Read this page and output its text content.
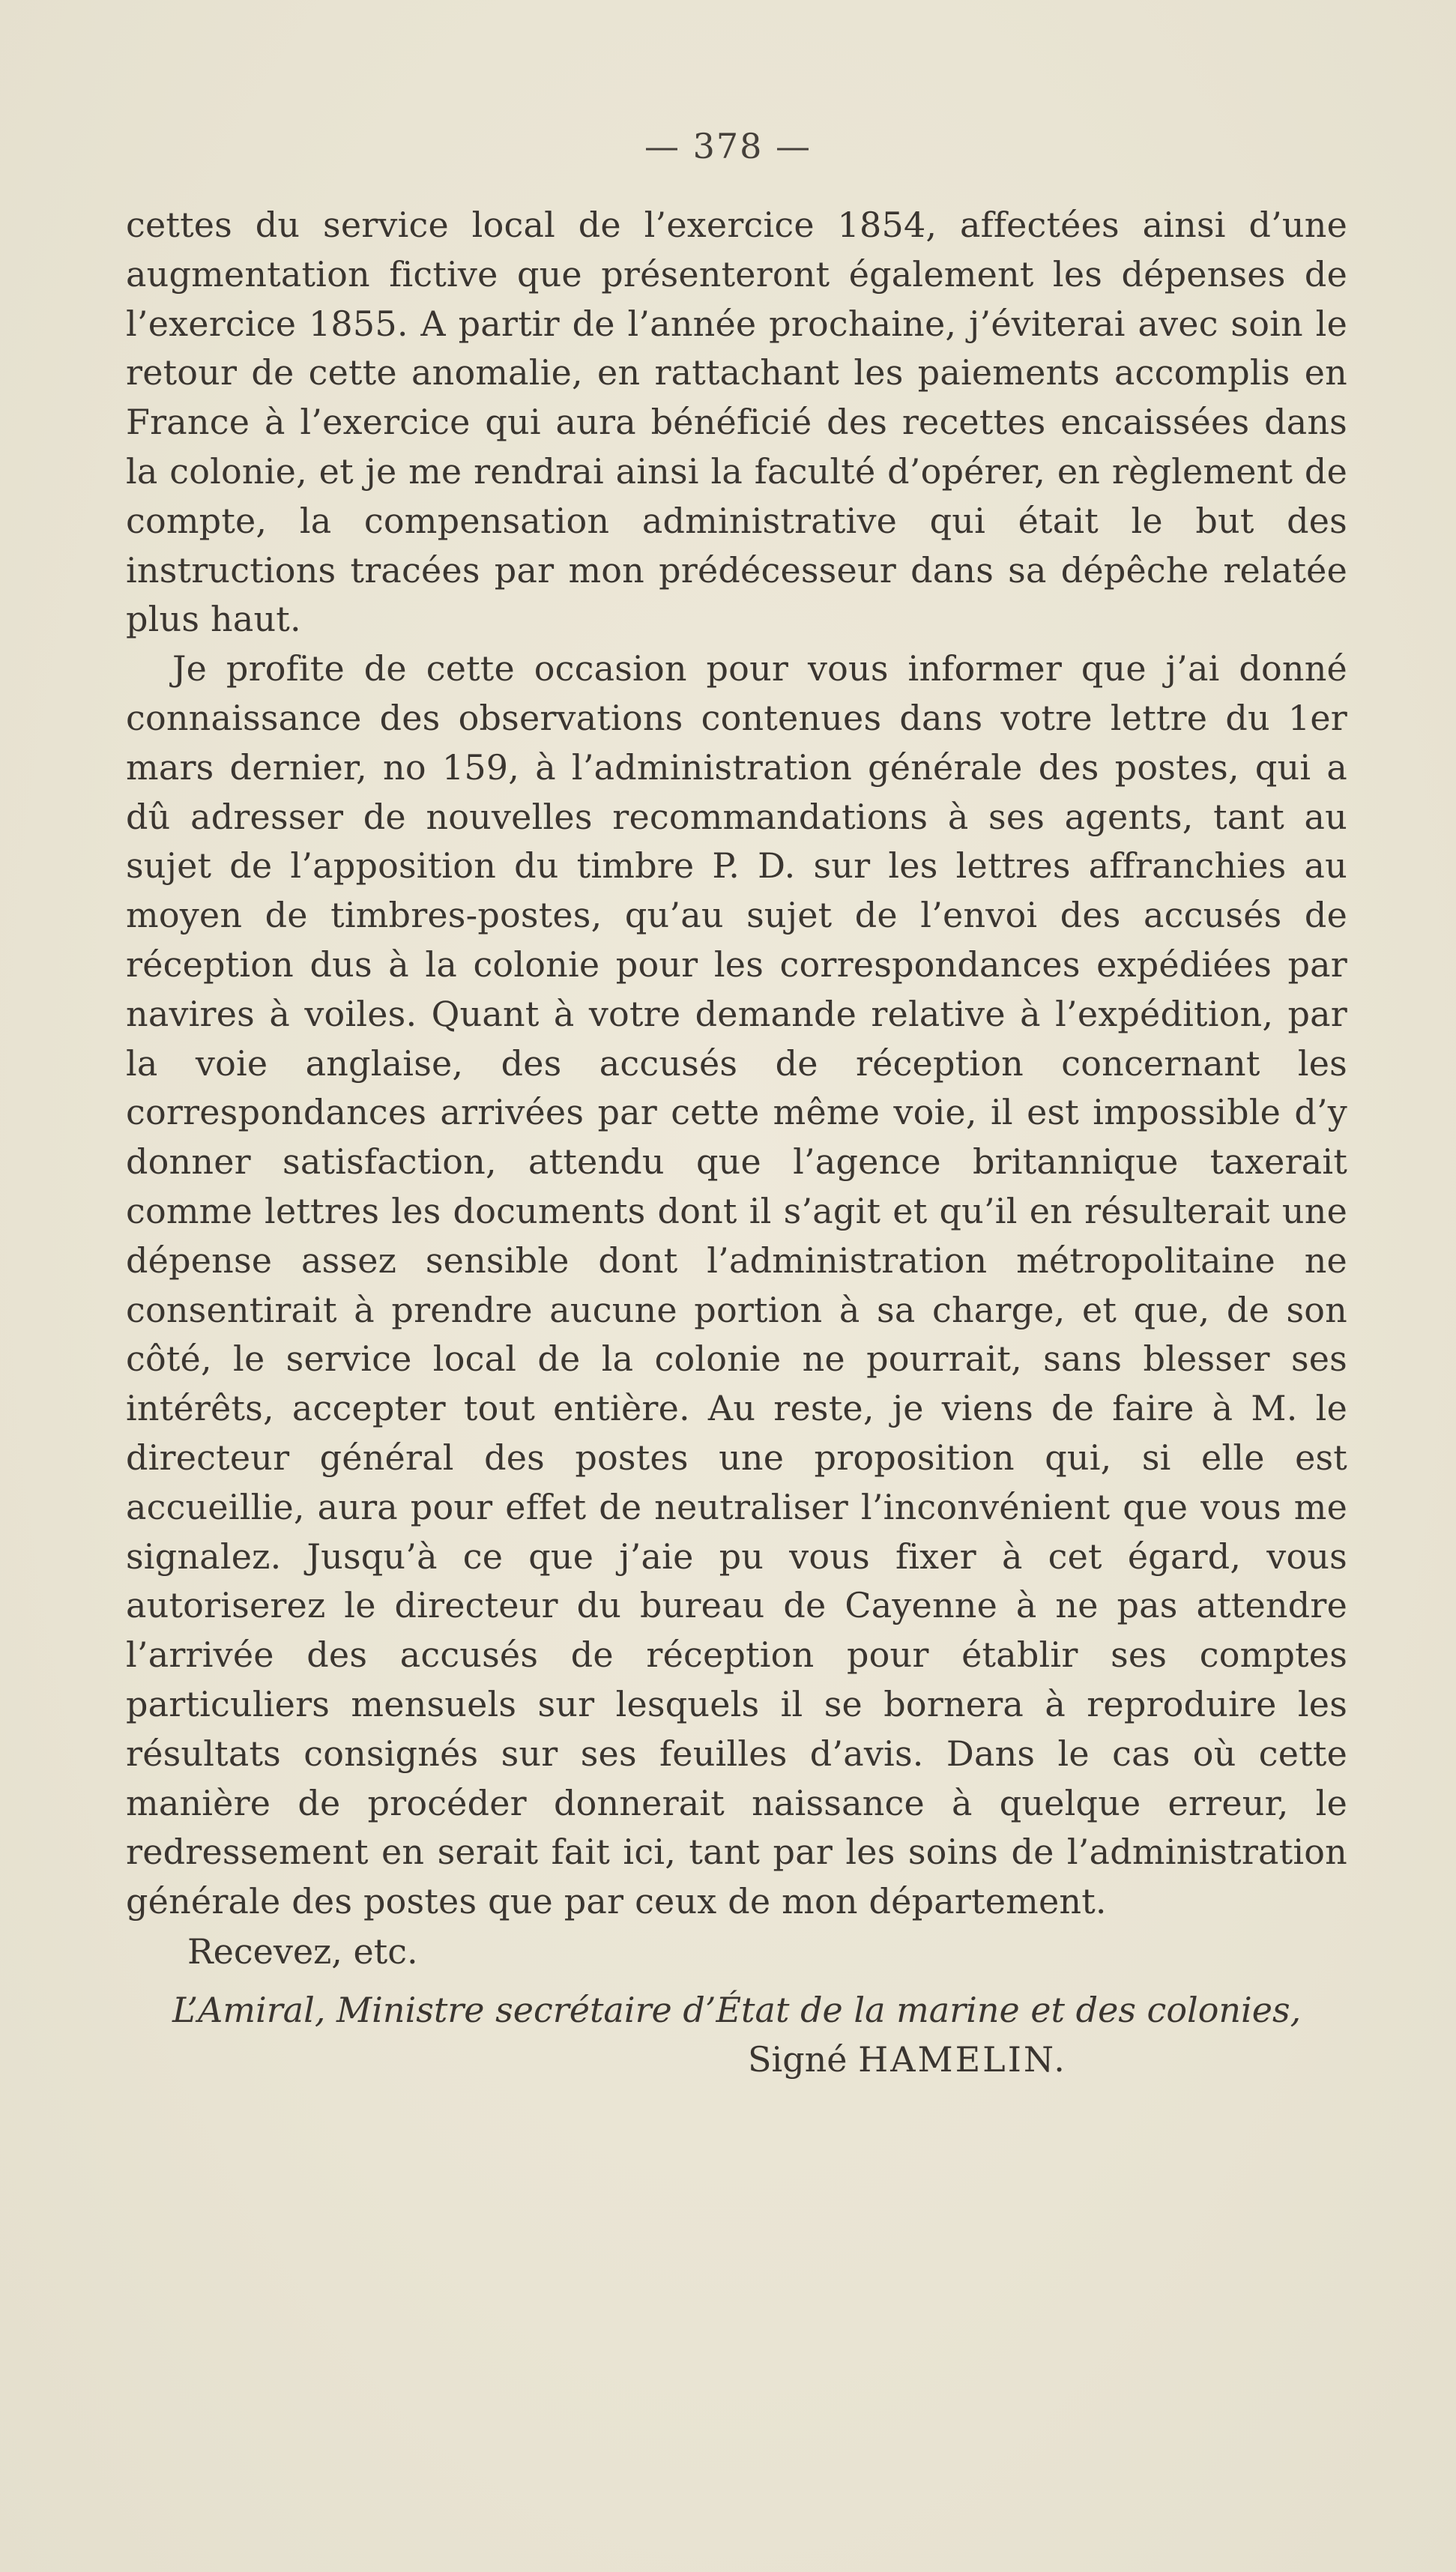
— 378 —

cettes du service local de l’exercice 1854, affectées ainsi d’une augmentation fictive que présenteront également les dépenses de l’exercice 1855. A partir de l’année prochaine, j’éviterai avec soin le retour de cette anomalie, en rattachant les paiements accomplis en France à l’exercice qui aura bénéficié des recettes encaissées dans la colonie, et je me rendrai ainsi la faculté d’opérer, en règlement de compte, la compensation administrative qui était le but des instructions tracées par mon prédécesseur dans sa dépêche relatée plus haut.

Je profite de cette occasion pour vous informer que j’ai donné connaissance des observations contenues dans votre lettre du 1er mars dernier, no 159, à l’administration générale des postes, qui a dû adresser de nouvelles recommandations à ses agents, tant au sujet de l’apposition du timbre P. D. sur les lettres affranchies au moyen de timbres-postes, qu’au sujet de l’envoi des accusés de réception dus à la colonie pour les correspondances expédiées par navires à voiles. Quant à votre demande relative à l’expédition, par la voie anglaise, des accusés de réception concernant les correspondances arrivées par cette même voie, il est impossible d’y donner satisfaction, attendu que l’agence britannique taxerait comme lettres les documents dont il s’agit et qu’il en résulterait une dépense assez sensible dont l’administration métropolitaine ne consentirait à prendre aucune portion à sa charge, et que, de son côté, le service local de la colonie ne pourrait, sans blesser ses intérêts, accepter tout entière. Au reste, je viens de faire à M. le directeur général des postes une proposition qui, si elle est accueillie, aura pour effet de neutraliser l’inconvénient que vous me signalez. Jusqu’à ce que j’aie pu vous fixer à cet égard, vous autoriserez le directeur du bureau de Cayenne à ne pas attendre l’arrivée des accusés de réception pour établir ses comptes particuliers mensuels sur lesquels il se bornera à reproduire les résultats consignés sur ses feuilles d’avis. Dans le cas où cette manière de procéder donnerait naissance à quelque erreur, le redressement en serait fait ici, tant par les soins de l’administration générale des postes que par ceux de mon département.

Recevez, etc.

L’Amiral, Ministre secrétaire d’État de la marine et des colonies,

Signé HAMELIN.
